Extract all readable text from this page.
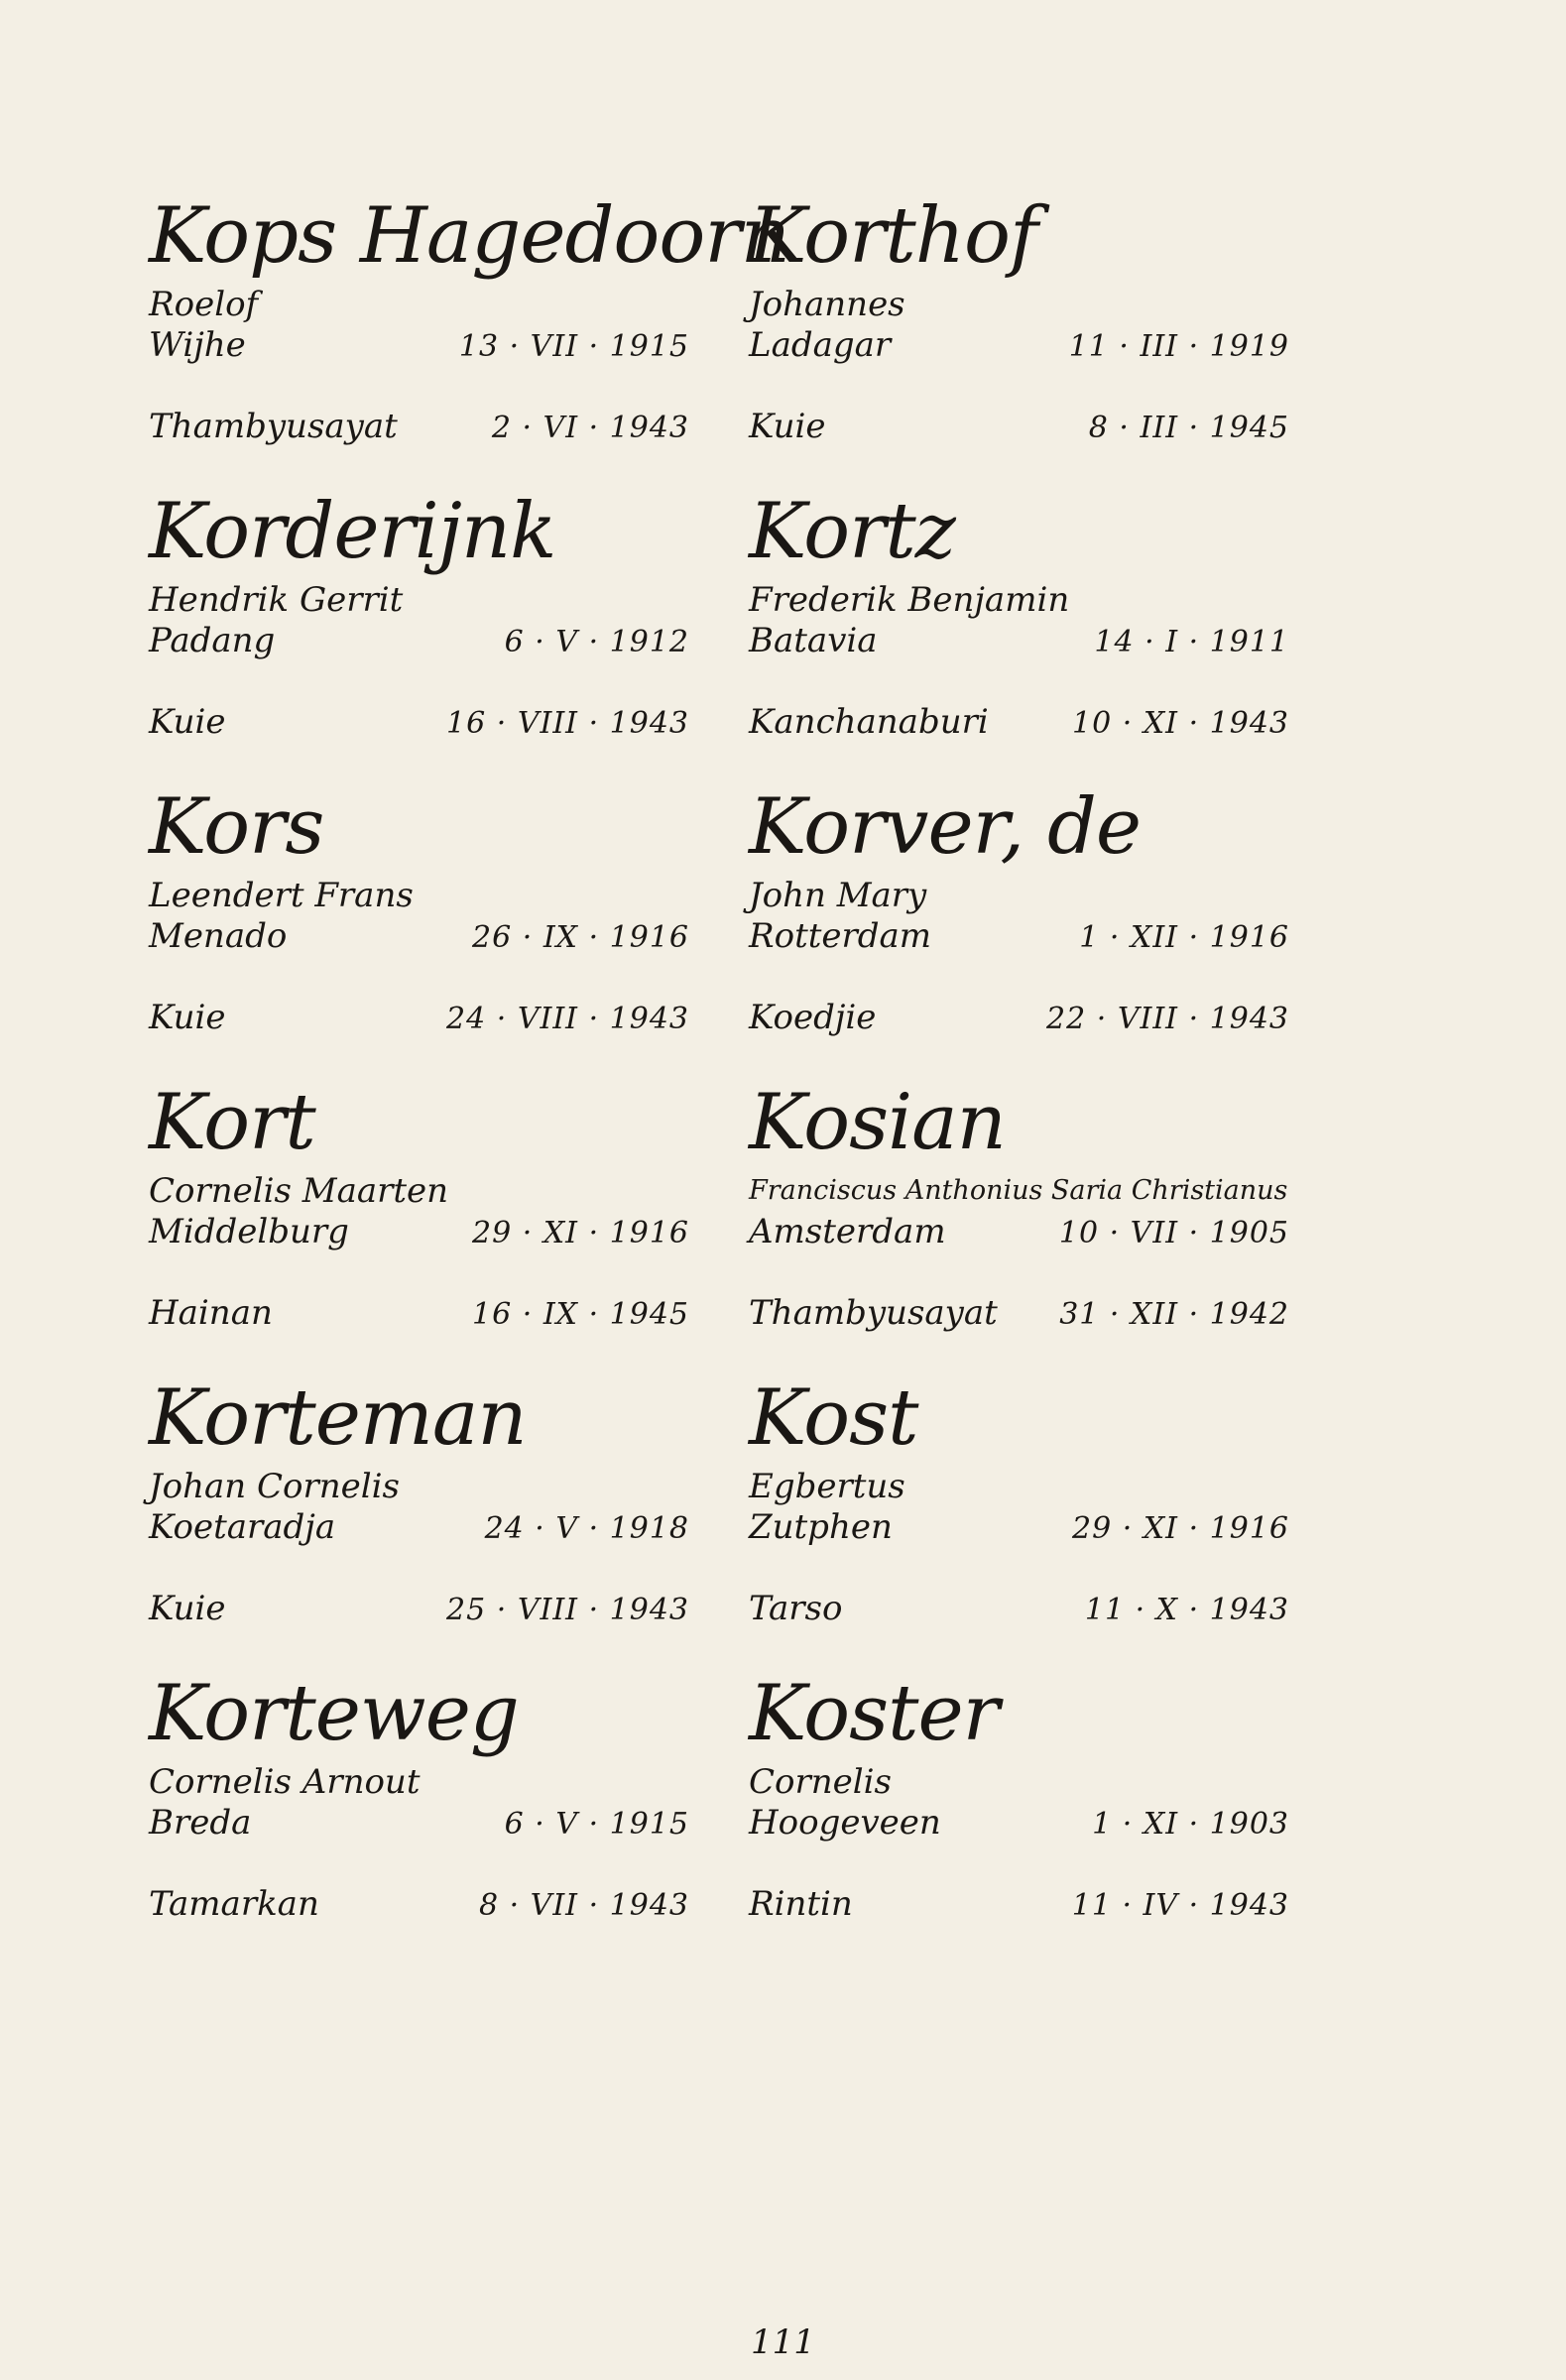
Kops Hagedoorn
Roelof
Wijhe	13 · VII · 1915
Thambyusayat	2 · VI · 1943
Korderijnk
Hendrik Gerrit
Padang	6 · V · 1912
Kuie	16 · VIII · 1943
Kors
Leendert Frans
Menado	26 · IX · 1916
Kuie	24 · VIII · 1943
Kort
Cornelis Maarten
Middelburg	29 · XI · 1916
Hainan	16 · IX · 1945
Korteman
Johan Cornelis
Koetaradja	24 · V · 1918
Kuie	25 · VIII · 1943
Korteweg
Cornelis Arnout
Breda	6 · V · 1915
Tamarkan	8 · VII · 1943
Korthof
Johannes
Ladagar	11 · III · 1919
Kuie	8 · III · 1945
Kortz
Frederik Benjamin
Batavia	14 · I · 1911
Kanchanaburi	10 · XI · 1943
Korver, de
John Mary
Rotterdam	1 · XII · 1916
Koedjie	22 · VIII · 1943
Kosian
Franciscus Anthonius Saria Christianus
Amsterdam	10 · VII · 1905
Thambyusayat 31 · XII · 1942
Kost
Egbertus
Zutphen	29 · XI · 1916
Tarso	11 · X · 1943
Koster
Cornelis
Hoogeveen	1 · XI · 1903
Rintin	11 · IV · 1943
111
